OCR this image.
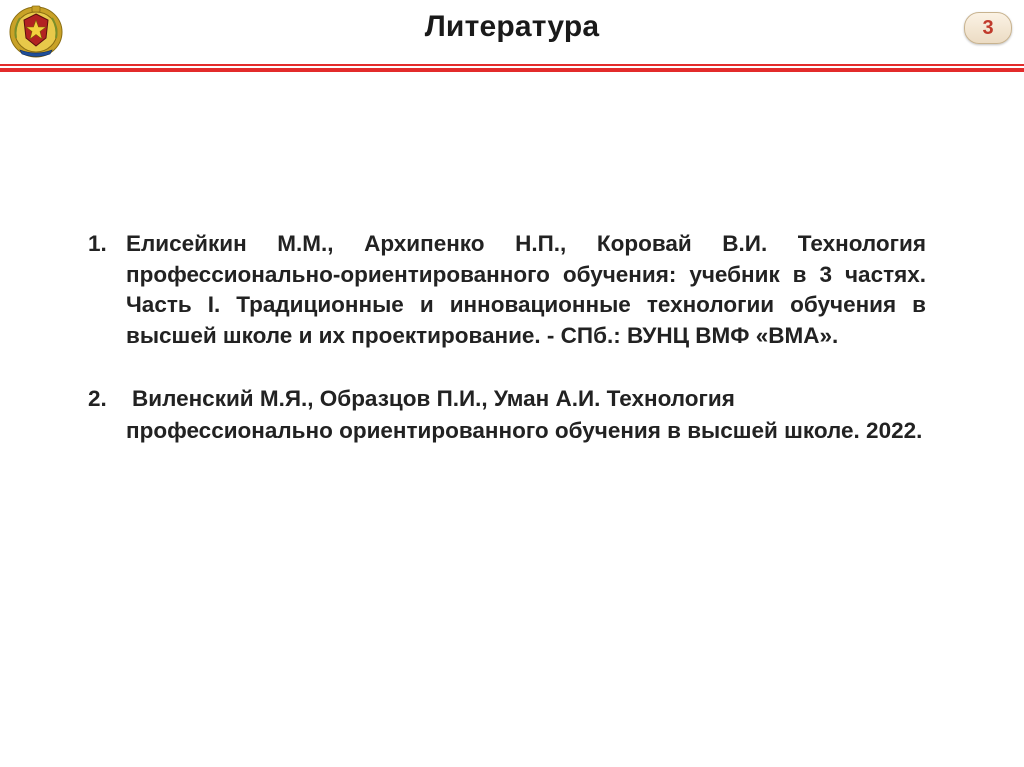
Литература	3
1. Елисейкин М.М., Архипенко Н.П., Коровай В.И. Технология профессионально-ориентированного обучения: учебник в 3 частях. Часть I. Традиционные и инновационные технологии обучения в высшей школе и их проектирование. - СПб.: ВУНЦ ВМФ «ВМА».
2. Виленский М.Я., Образцов П.И., Уман А.И. Технология профессионально ориентированного обучения в высшей школе. 2022.
